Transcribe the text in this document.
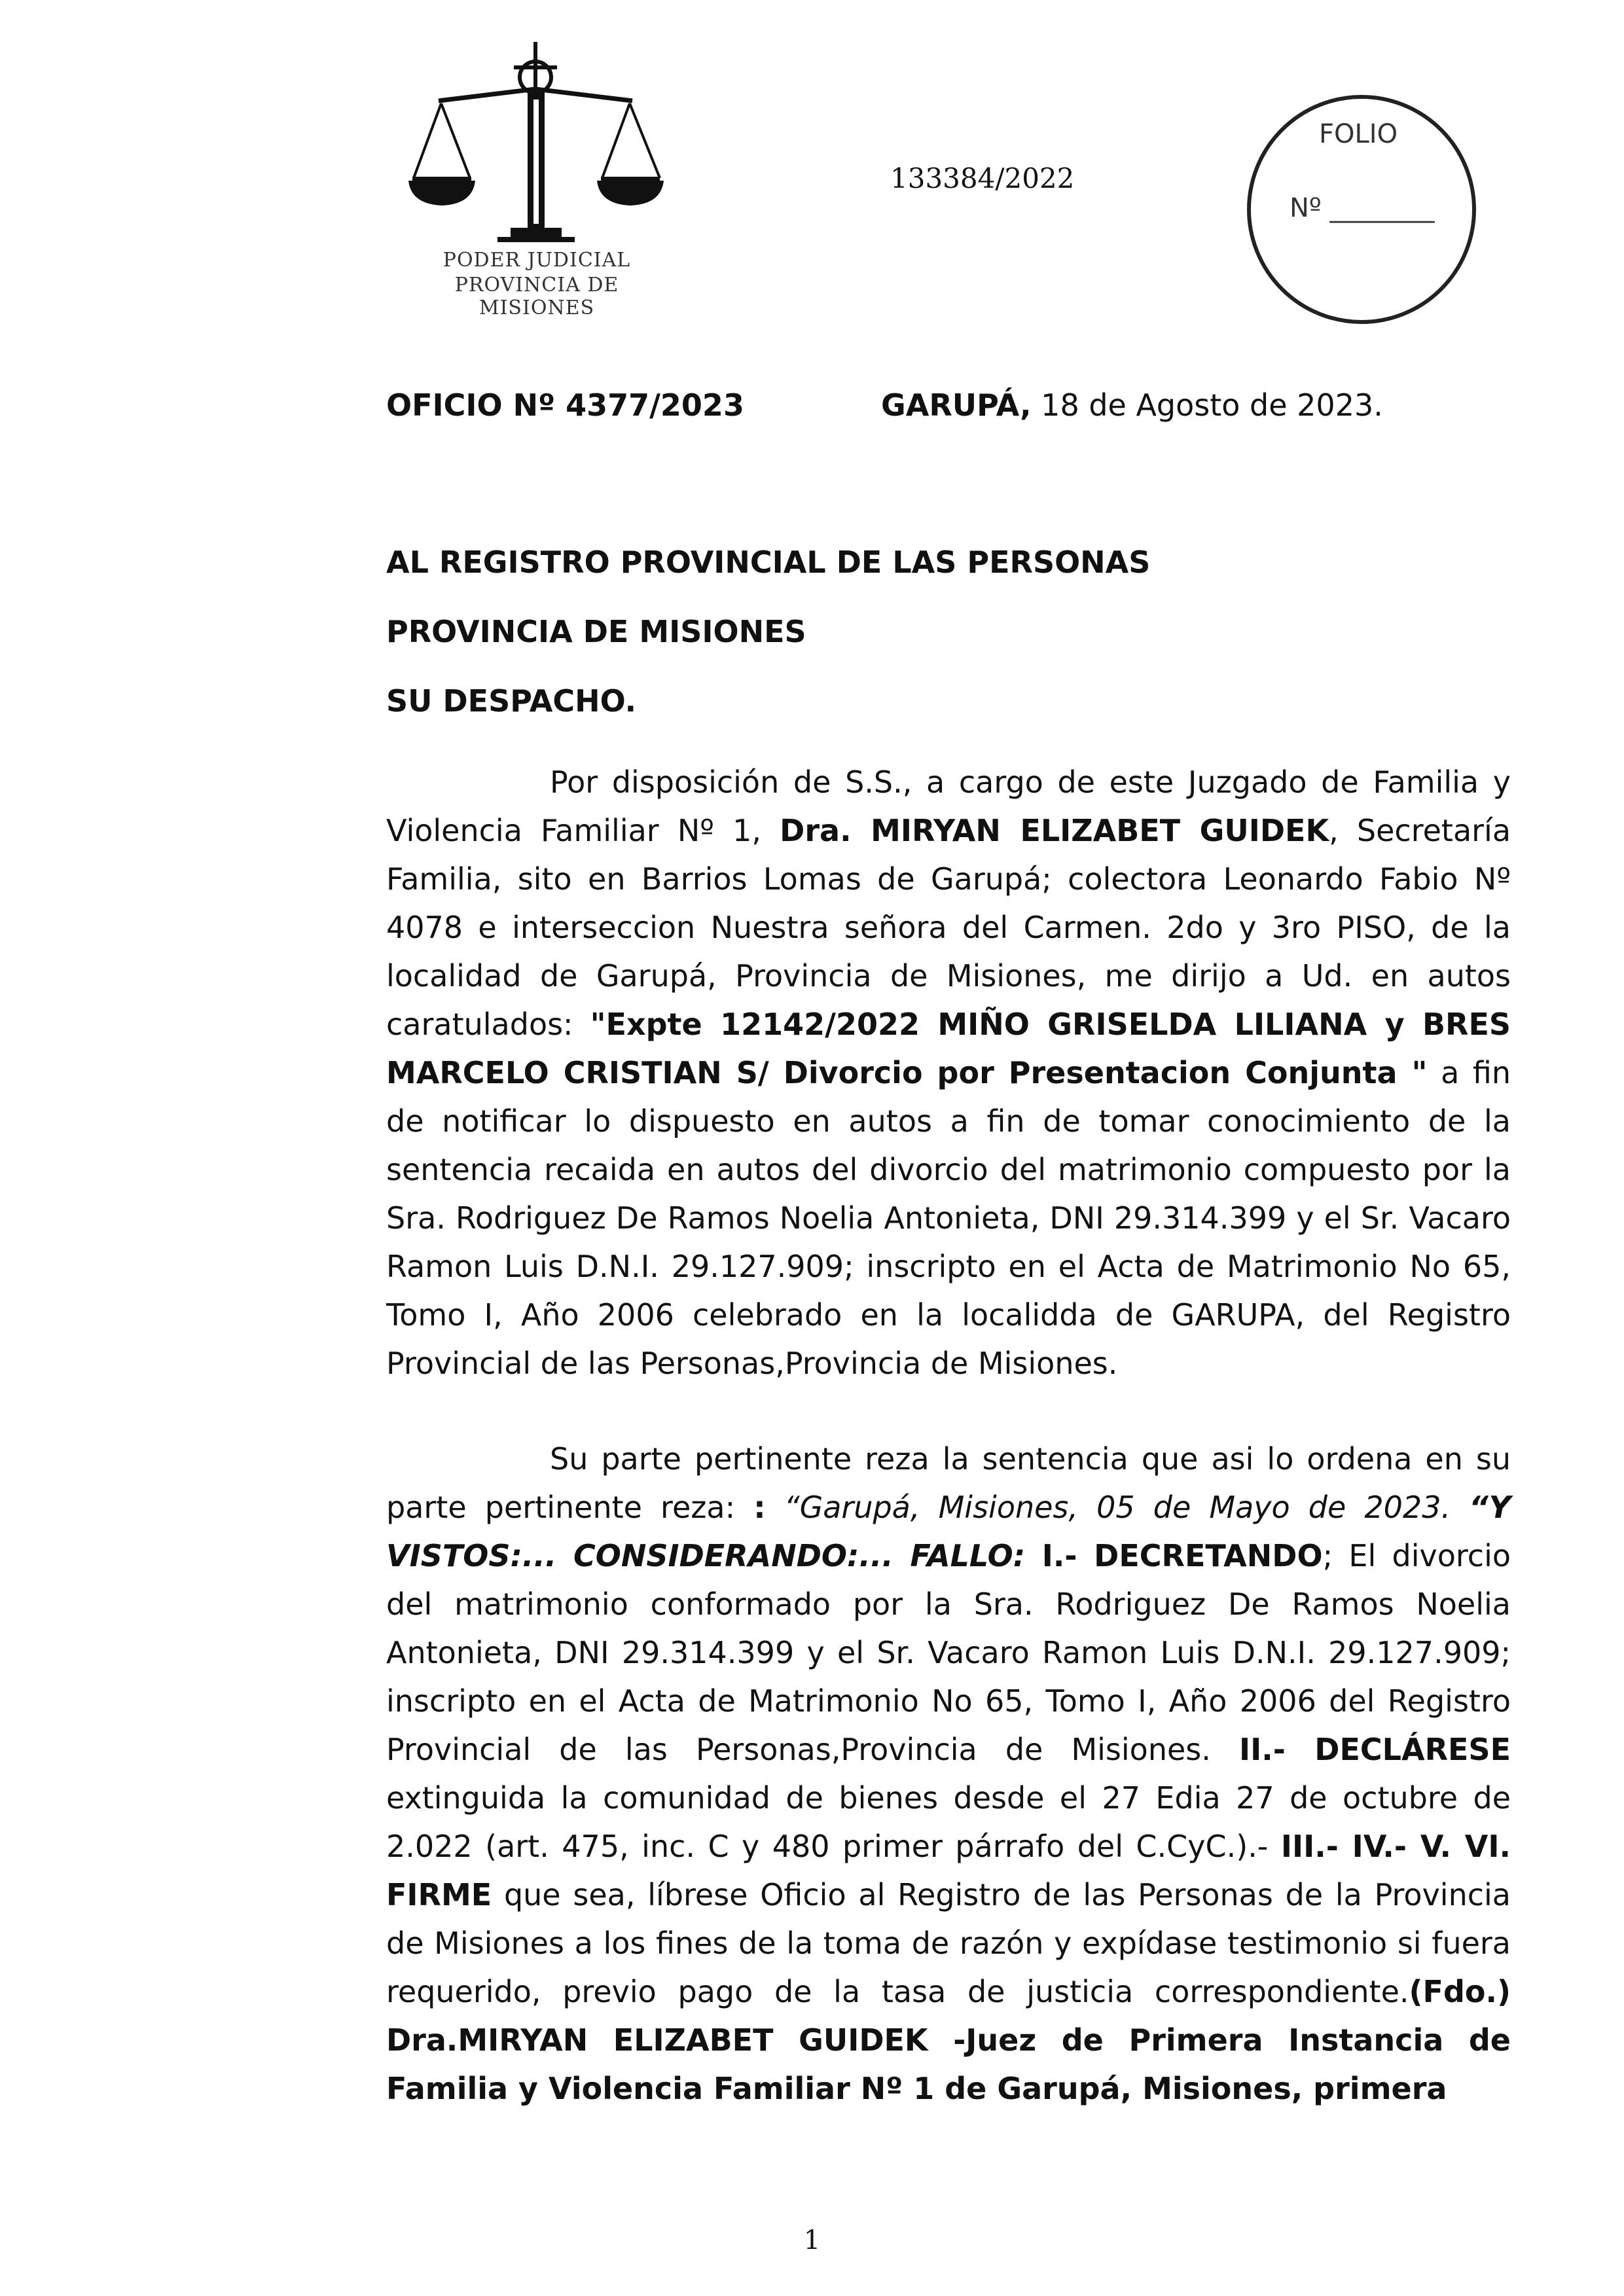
PODER JUDICIAL
PROVINCIA DE MISIONES
133384/2022
FOLIO
Nº ________
OFICIO Nº 4377/2023	GARUPÁ, 18 de Agosto de 2023.
AL REGISTRO PROVINCIAL DE LAS PERSONAS
PROVINCIA DE MISIONES
SU DESPACHO.
Por disposición de S.S., a cargo de este Juzgado de Familia y Violencia Familiar Nº 1, Dra. MIRYAN ELIZABET GUIDEK, Secretaría Familia, sito en Barrios Lomas de Garupá; colectora Leonardo Fabio Nº 4078 e interseccion Nuestra señora del Carmen. 2do y 3ro PISO, de la localidad de Garupá, Provincia de Misiones, me dirijo a Ud. en autos caratulados: "Expte 12142/2022 MIÑO GRISELDA LILIANA y BRES MARCELO CRISTIAN S/ Divorcio por Presentacion Conjunta " a fin de notificar lo dispuesto en autos a fin de tomar conocimiento de la sentencia recaida en autos del divorcio del matrimonio compuesto por la Sra. Rodriguez De Ramos Noelia Antonieta, DNI 29.314.399 y el Sr. Vacaro Ramon Luis D.N.I. 29.127.909; inscripto en el Acta de Matrimonio No 65, Tomo I, Año 2006 celebrado en la localidda de GARUPA, del Registro Provincial de las Personas,Provincia de Misiones.
Su parte pertinente reza la sentencia que asi lo ordena en su parte pertinente reza: : “Garupá, Misiones, 05 de Mayo de 2023. “Y VISTOS:... CONSIDERANDO:... FALLO: I.- DECRETANDO; El divorcio del matrimonio conformado por la Sra. Rodriguez De Ramos Noelia Antonieta, DNI 29.314.399 y el Sr. Vacaro Ramon Luis D.N.I. 29.127.909; inscripto en el Acta de Matrimonio No 65, Tomo I, Año 2006 del Registro Provincial de las Personas,Provincia de Misiones. II.- DECLÁRESE extinguida la comunidad de bienes desde el 27 Edia 27 de octubre de 2.022 (art. 475, inc. C y 480 primer párrafo del C.CyC.).- III.- IV.- V. VI. FIRME que sea, líbrese Oficio al Registro de las Personas de la Provincia de Misiones a los fines de la toma de razón y expídase testimonio si fuera requerido, previo pago de la tasa de justicia correspondiente.(Fdo.) Dra.MIRYAN ELIZABET GUIDEK -Juez de Primera Instancia de Familia y Violencia Familiar Nº 1 de Garupá, Misiones, primera
1
